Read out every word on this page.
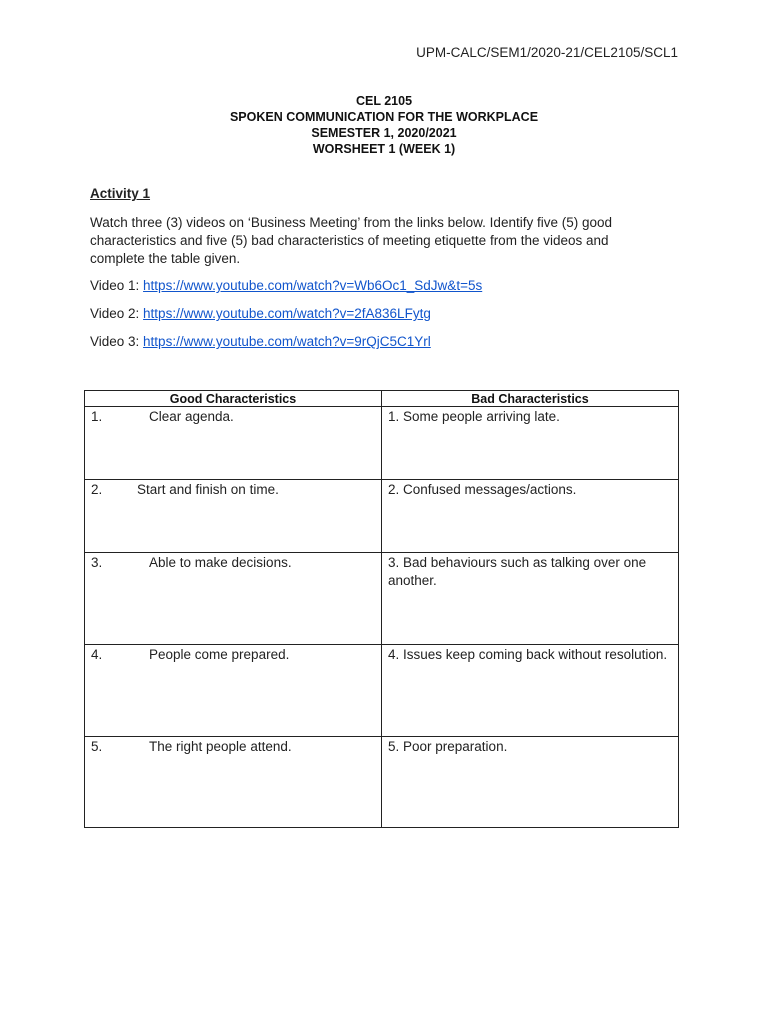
UPM-CALC/SEM1/2020-21/CEL2105/SCL1
CEL 2105
SPOKEN COMMUNICATION FOR THE WORKPLACE
SEMESTER 1, 2020/2021
WORSHEET 1 (WEEK 1)
Activity 1
Watch three (3) videos on ‘Business Meeting’ from the links below. Identify five (5) good characteristics and five (5) bad characteristics of meeting etiquette from the videos and complete the table given.
Video 1: https://www.youtube.com/watch?v=Wb6Oc1_SdJw&t=5s
Video 2: https://www.youtube.com/watch?v=2fA836LFytg
Video 3: https://www.youtube.com/watch?v=9rQjC5C1Yrl
Good Characteristics	Bad Characteristics
1. Clear agenda.	1. Some people arriving late.
2. Start and finish on time.	2. Confused messages/actions.
3. Able to make decisions.	3. Bad behaviours such as talking over one another.
4. People come prepared.	4. Issues keep coming back without resolution.
5. The right people attend.	5. Poor preparation.
